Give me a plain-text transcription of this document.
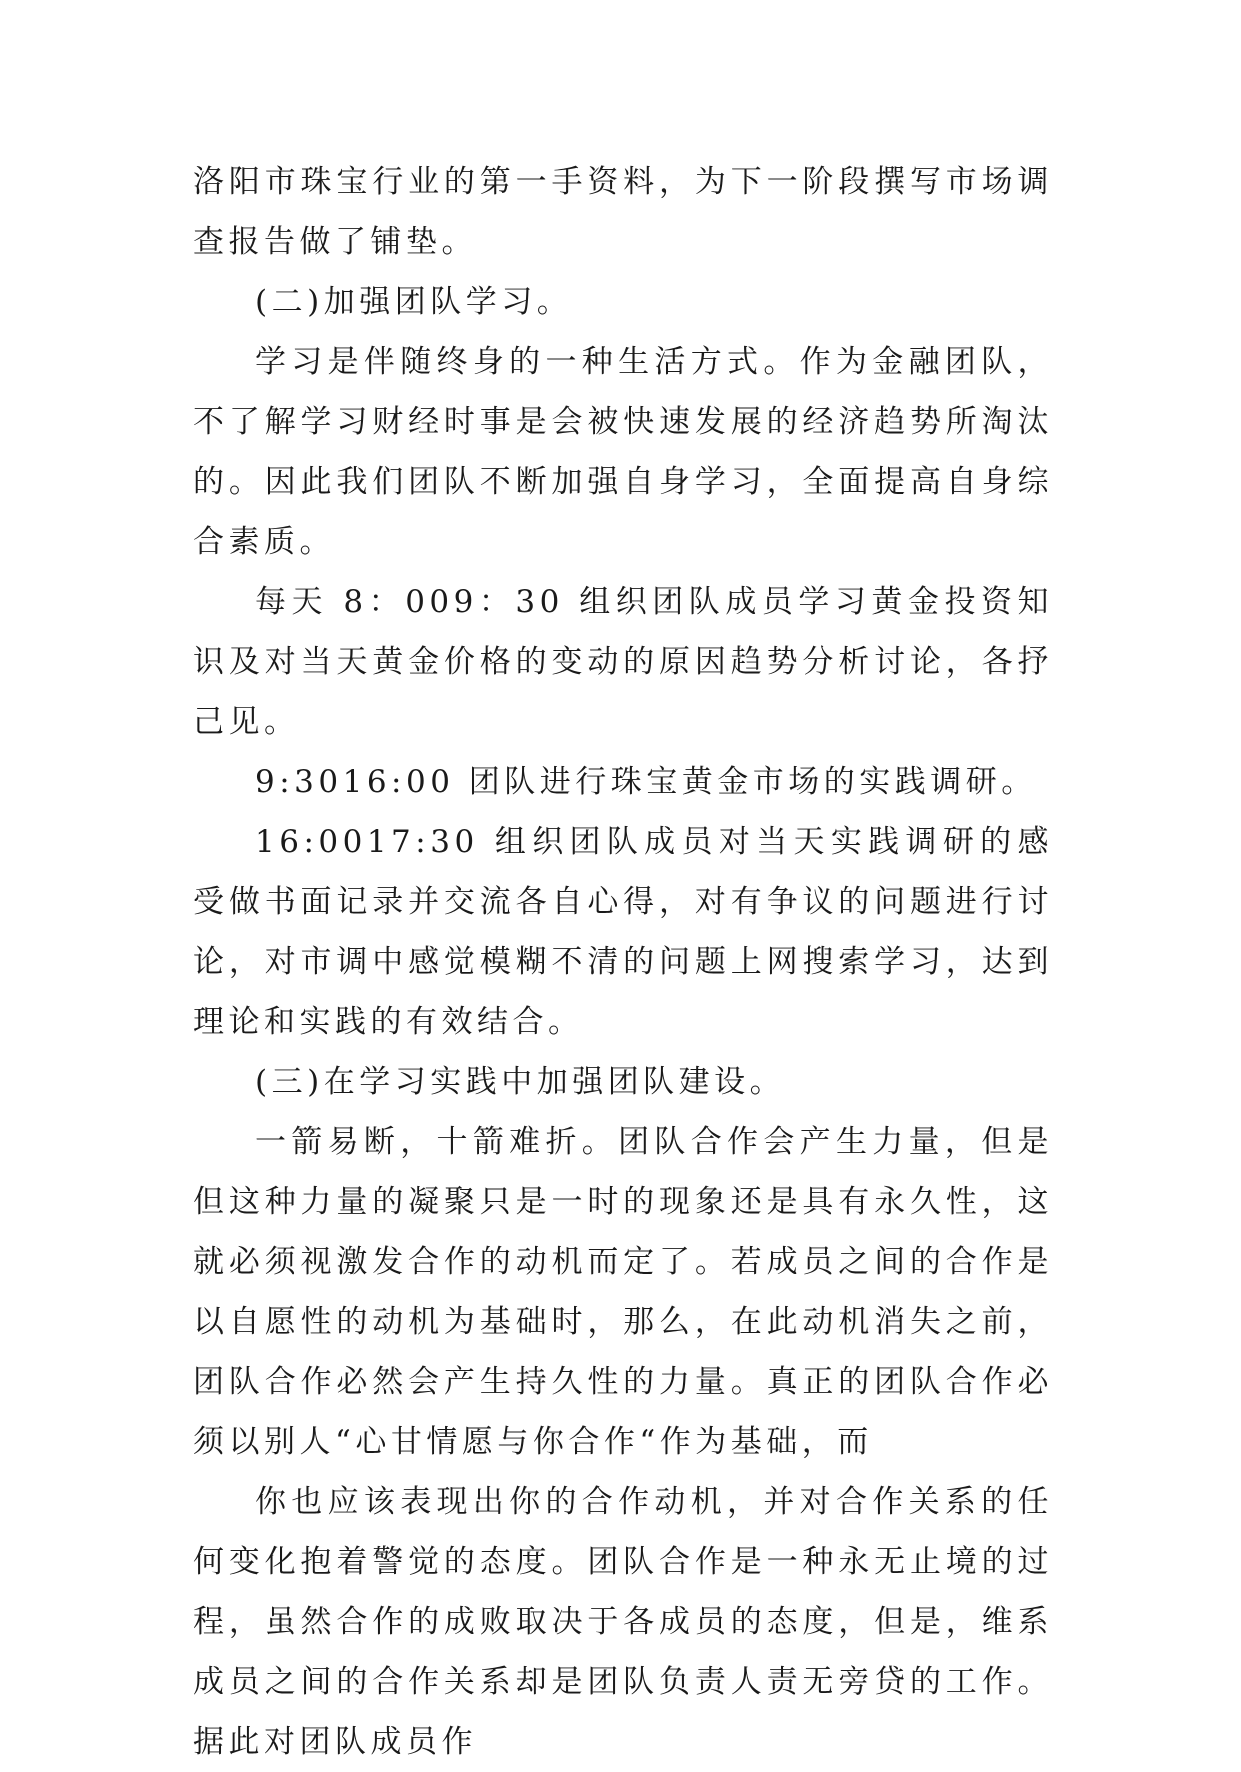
洛阳市珠宝行业的第一手资料，为下一阶段撰写市场调查报告做了铺垫。

(二)加强团队学习。

学习是伴随终身的一种生活方式。作为金融团队，不了解学习财经时事是会被快速发展的经济趋势所淘汰的。因此我们团队不断加强自身学习，全面提高自身综合素质。

每天 8：009：30 组织团队成员学习黄金投资知识及对当天黄金价格的变动的原因趋势分析讨论，各抒己见。

9:3016:00 团队进行珠宝黄金市场的实践调研。

16:0017:30 组织团队成员对当天实践调研的感受做书面记录并交流各自心得，对有争议的问题进行讨论，对市调中感觉模糊不清的问题上网搜索学习，达到理论和实践的有效结合。

(三)在学习实践中加强团队建设。

一箭易断，十箭难折。团队合作会产生力量，但是但这种力量的凝聚只是一时的现象还是具有永久性，这就必须视激发合作的动机而定了。若成员之间的合作是以自愿性的动机为基础时，那么，在此动机消失之前，团队合作必然会产生持久性的力量。真正的团队合作必须以别人“心甘情愿与你合作“作为基础，而

你也应该表现出你的合作动机，并对合作关系的任何变化抱着警觉的态度。团队合作是一种永无止境的过程，虽然合作的成败取决于各成员的态度，但是，维系成员之间的合作关系却是团队负责人责无旁贷的工作。据此对团队成员作
